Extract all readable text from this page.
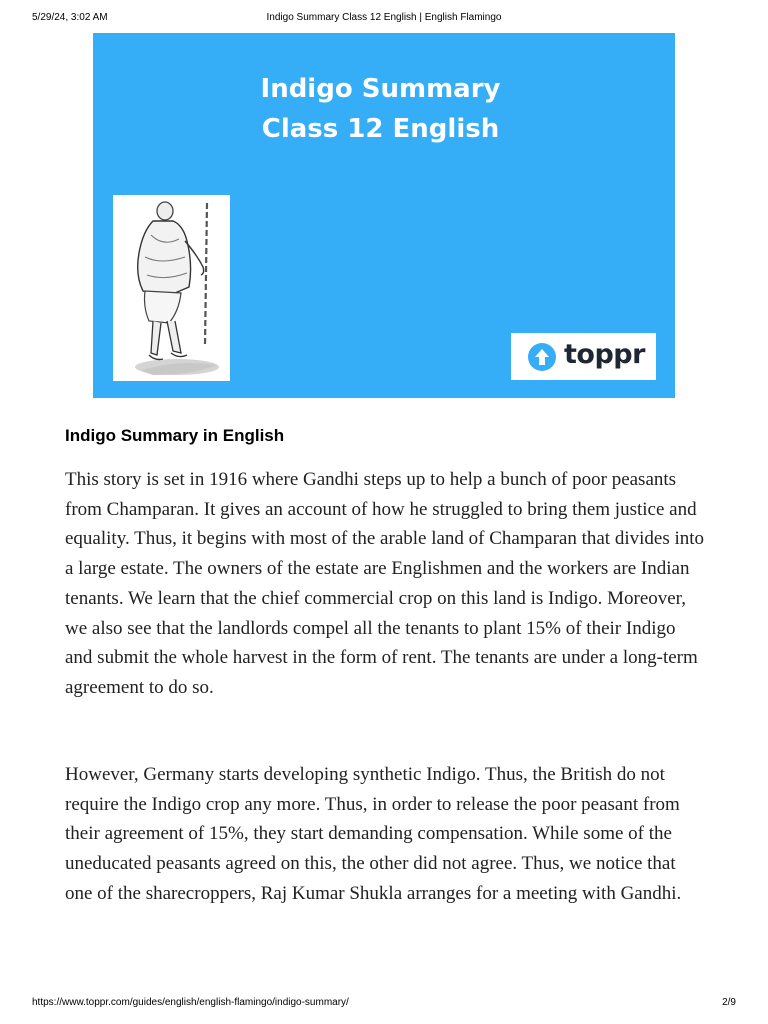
5/29/24, 3:02 AM	Indigo Summary Class 12 English | English Flamingo
Indigo Summary
Class 12 English
toppr
Indigo Summary in English

This story is set in 1916 where Gandhi steps up to help a bunch of poor peasants from Champaran. It gives an account of how he struggled to bring them justice and equality. Thus, it begins with most of the arable land of Champaran that divides into a large estate. The owners of the estate are Englishmen and the workers are Indian tenants. We learn that the chief commercial crop on this land is Indigo. Moreover, we also see that the landlords compel all the tenants to plant 15% of their Indigo and submit the whole harvest in the form of rent. The tenants are under a long-term agreement to do so.

However, Germany starts developing synthetic Indigo. Thus, the British do not require the Indigo crop any more. Thus, in order to release the poor peasant from their agreement of 15%, they start demanding compensation. While some of the uneducated peasants agreed on this, the other did not agree. Thus, we notice that one of the sharecroppers, Raj Kumar Shukla arranges for a meeting with Gandhi.

https://www.toppr.com/guides/english/english-flamingo/indigo-summary/	2/9
